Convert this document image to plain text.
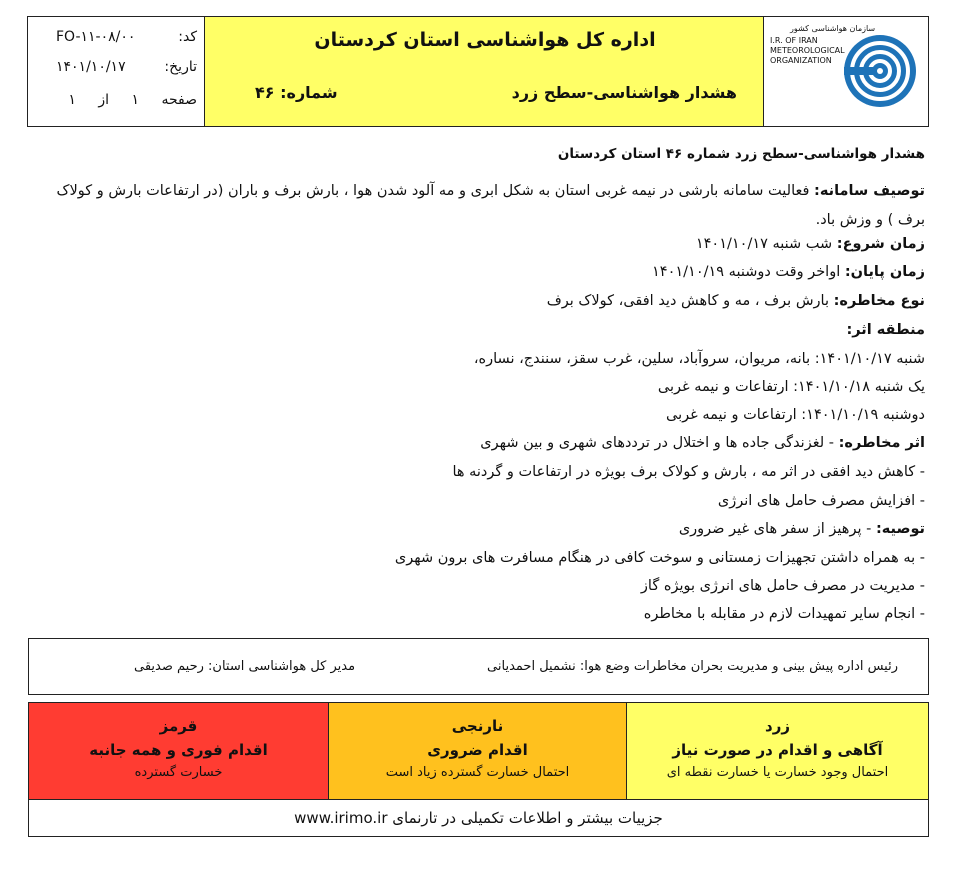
کد:
FO-۱۱-۰۸/۰۰
تاریخ:
۱۴۰۱/۱۰/۱۷
صفحه ۱ از ۱
اداره کل هواشناسی استان کردستان
هشدار هواشناسی-سطح زرد
شماره: ۴۶
سازمان هواشناسی کشور
I.R. OF IRAN METEOROLOGICAL ORGANIZATION
هشدار هواشناسی-سطح زرد شماره ۴۶ استان کردستان
توصیف سامانه: فعالیت سامانه بارشی در نیمه غربی استان به شکل ابری و مه آلود شدن هوا ، بارش برف و باران (در ارتفاعات بارش و کولاک برف ) و وزش باد.
زمان شروع: شب شنبه ۱۴۰۱/۱۰/۱۷
زمان پایان: اواخر وقت دوشنبه ۱۴۰۱/۱۰/۱۹
نوع مخاطره: بارش برف ، مه و کاهش دید افقی، کولاک برف
منطقه اثر:
شنبه ۱۴۰۱/۱۰/۱۷: بانه، مریوان، سروآباد، سلین، غرب سقز، سنندج، نساره،
یک شنبه ۱۴۰۱/۱۰/۱۸: ارتفاعات و نیمه غربی
دوشنبه ۱۴۰۱/۱۰/۱۹: ارتفاعات و نیمه غربی
اثر مخاطره: - لغزندگی جاده ها و اختلال در ترددهای شهری و بین شهری
- کاهش دید افقی در اثر مه ، بارش و کولاک برف بویژه در ارتفاعات و گردنه ها
- افزایش مصرف حامل های انرژی
توصیه: - پرهیز از سفر های غیر ضروری
- به همراه داشتن تجهیزات زمستانی و سوخت کافی در هنگام مسافرت های برون شهری
- مدیریت در مصرف حامل های انرژی بویژه گاز
- انجام سایر تمهیدات لازم در مقابله با مخاطره
رئیس اداره پیش بینی و مدیریت بحران مخاطرات وضع هوا: نشمیل احمدیانی
مدیر کل هواشناسی استان: رحیم صدیقی
زرد
آگاهی و اقدام در صورت نیاز
احتمال وجود خسارت یا خسارت نقطه ای
نارنجی
اقدام ضروری
احتمال خسارت گسترده زیاد است
قرمز
اقدام فوری و همه جانبه
خسارت گسترده
جزییات بیشتر و اطلاعات تکمیلی در تارنمای www.irimo.ir
